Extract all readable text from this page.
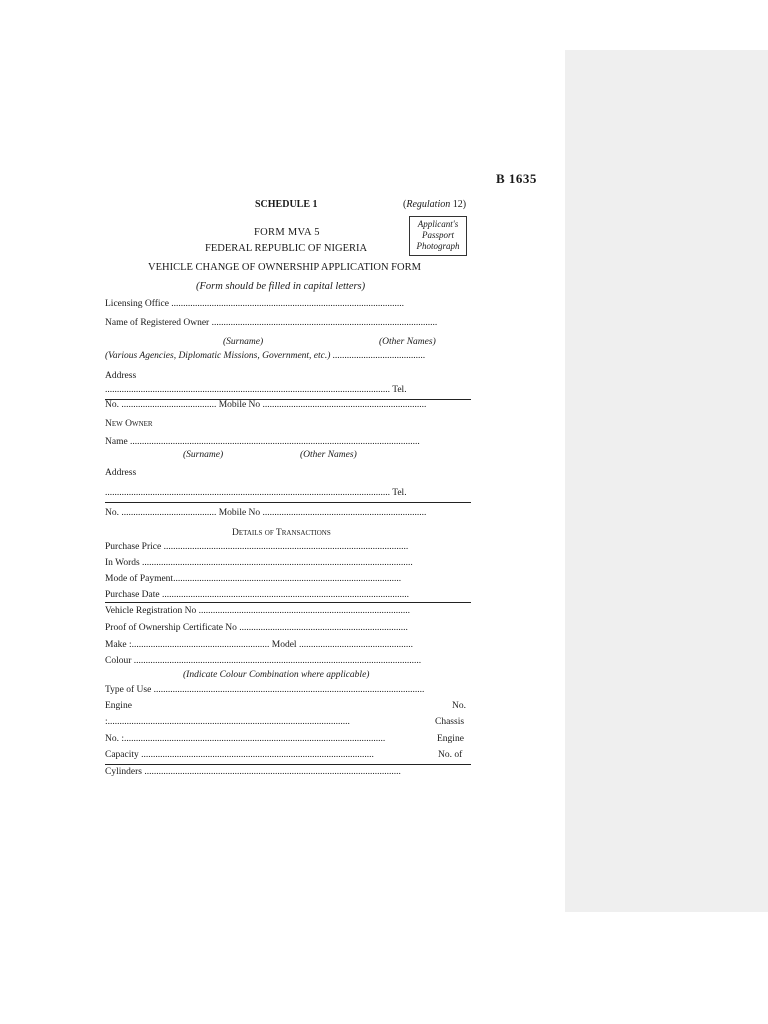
B 1635
SCHEDULE 1	(Regulation 12)
Applicant's
Passport
Photograph
FORM MVA 5
FEDERAL REPUBLIC OF NIGERIA
VEHICLE CHANGE OF OWNERSHIP APPLICATION FORM
(Form should be filled in capital letters)
Licensing Office ..................................................................................................
Name of Registered Owner ...............................................................................................
(Surname)	(Other Names)
(Various Agencies, Diplomatic Missions, Government, etc.) .......................................
Address
........................................................................................................................ Tel.
No. ........................................ Mobile No .....................................................................
New Owner
Name ..........................................................................................................................
(Surname)	(Other Names)
Address
........................................................................................................................ Tel.
No. ........................................ Mobile No .....................................................................
Details of Transactions
Purchase Price .......................................................................................................
In Words ..................................................................................................................
Mode of Payment................................................................................................
Purchase Date ........................................................................................................
Vehicle Registration No .........................................................................................
Proof of Ownership Certificate No .......................................................................
Make :.......................................................... Model ................................................
Colour .........................................................................................................................
(Indicate Colour Combination where applicable)
Type of Use ..................................................................................................................
Engine	No.
:......................................................................................................	Chassis
No. :..............................................................................................................	Engine
Capacity ..................................................................................................	No. of
Cylinders ............................................................................................................
